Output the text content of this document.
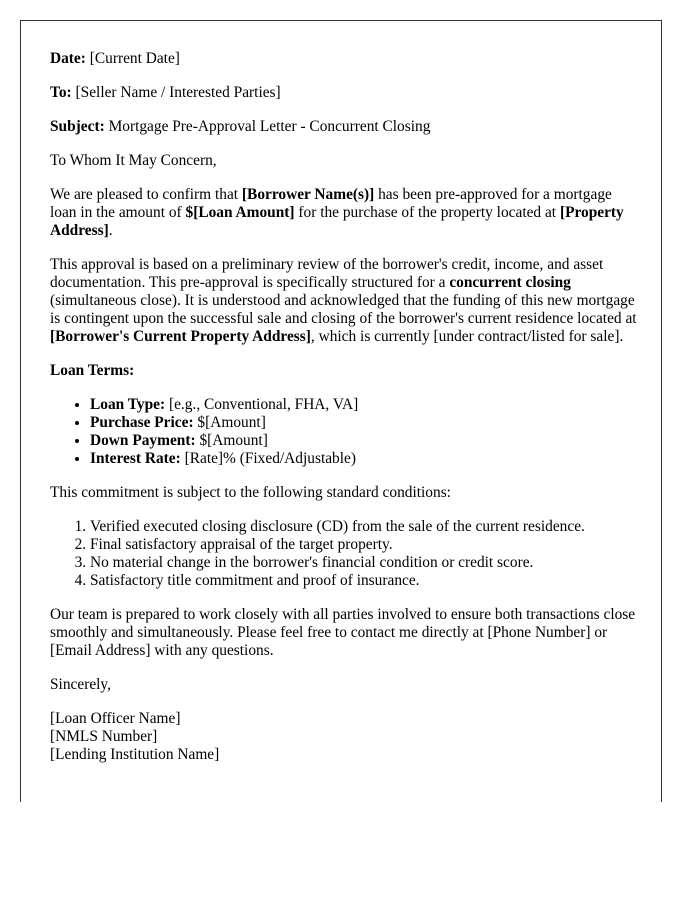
Date: [Current Date]

To: [Seller Name / Interested Parties]

Subject: Mortgage Pre-Approval Letter - Concurrent Closing

To Whom It May Concern,

We are pleased to confirm that [Borrower Name(s)] has been pre-approved for a mortgage loan in the amount of $[Loan Amount] for the purchase of the property located at [Property Address].

This approval is based on a preliminary review of the borrower's credit, income, and asset documentation. This pre-approval is specifically structured for a concurrent closing (simultaneous close). It is understood and acknowledged that the funding of this new mortgage is contingent upon the successful sale and closing of the borrower's current residence located at [Borrower's Current Property Address], which is currently [under contract/listed for sale].

Loan Terms:

• Loan Type: [e.g., Conventional, FHA, VA]
• Purchase Price: $[Amount]
• Down Payment: $[Amount]
• Interest Rate: [Rate]% (Fixed/Adjustable)

This commitment is subject to the following standard conditions:

1. Verified executed closing disclosure (CD) from the sale of the current residence.
2. Final satisfactory appraisal of the target property.
3. No material change in the borrower's financial condition or credit score.
4. Satisfactory title commitment and proof of insurance.

Our team is prepared to work closely with all parties involved to ensure both transactions close smoothly and simultaneously. Please feel free to contact me directly at [Phone Number] or [Email Address] with any questions.

Sincerely,

[Loan Officer Name]
[NMLS Number]
[Lending Institution Name]
